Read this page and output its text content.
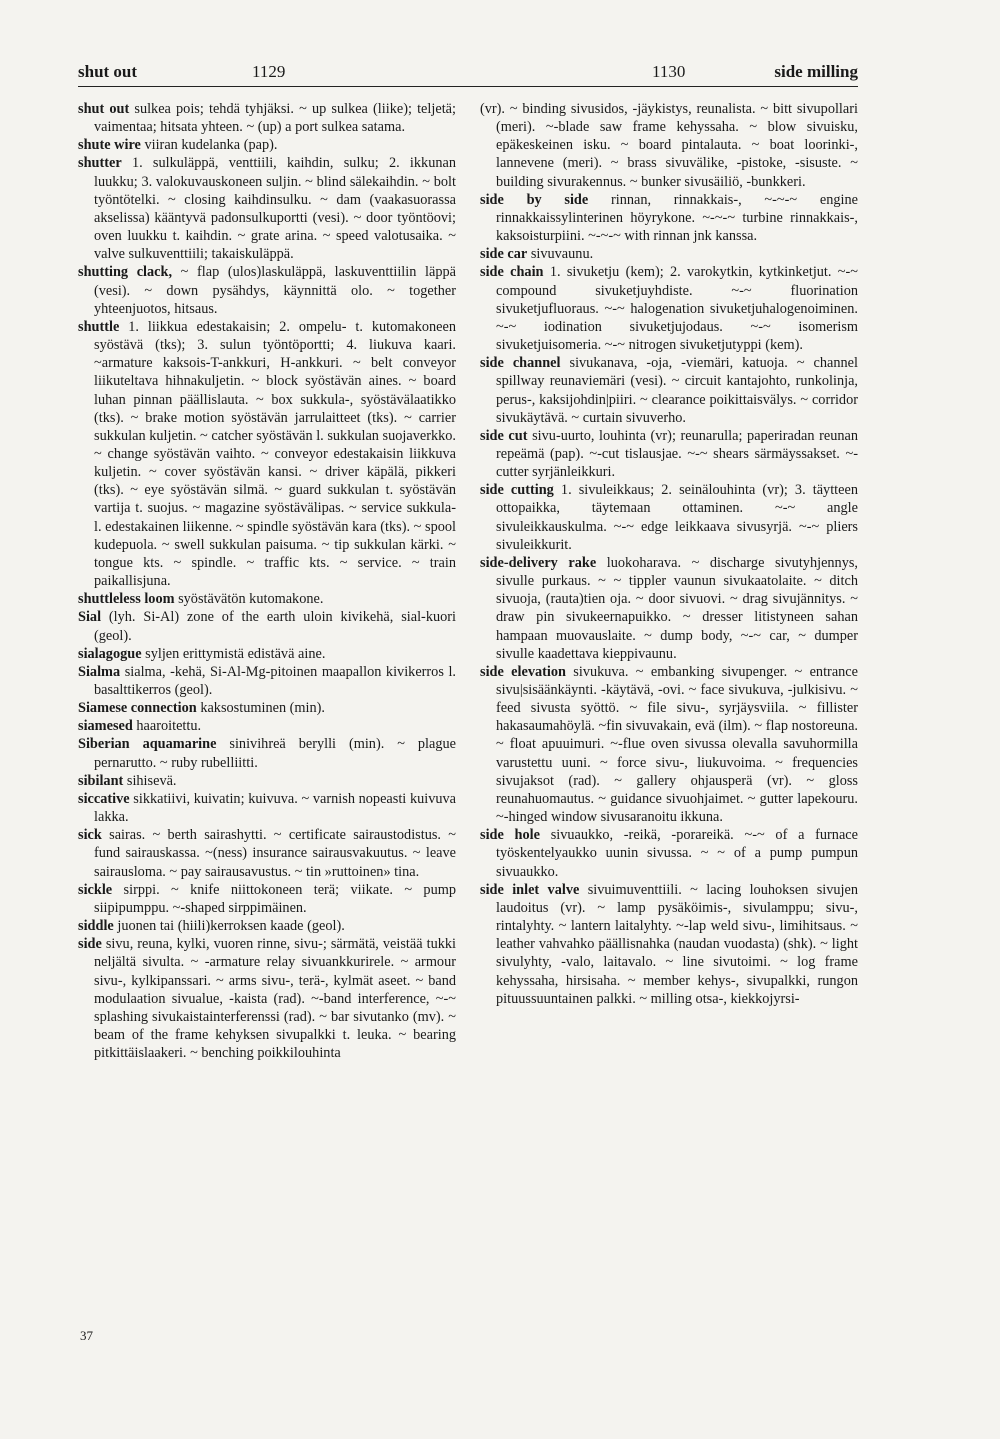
shut out	1129	1130	side milling

shut out sulkea pois; tehdä tyhjäksi. ~ up sulkea (liike); teljetä; vaimentaa; hitsata yhteen. ~ (up) a port sulkea satama.

shute wire viiran kudelanka (pap).

shutter 1. sulkuläppä, venttiili, kaihdin, sulku; 2. ikkunan luukku; 3. valokuvauskoneen suljin. ~ blind sälekaihdin. ~ bolt työntötelki. ~ closing kaihdinsulku. ~ dam (vaakasuorassa akselissa) kääntyvä padonsulkuportti (vesi). ~ door työntöovi; oven luukku t. kaihdin. ~ grate arina. ~ speed valotusaika. ~ valve sulkuventtiili; takaiskuläppä.

shutting clack, ~ flap (ulos)laskuläppä, laskuventtiilin läppä (vesi). ~ down pysähdys, käynnittä olo. ~ together yhteenjuotos, hitsaus.

shuttle 1. liikkua edestakaisin; 2. ompelu- t. kutomakoneen syöstävä (tks); 3. sulun työntöportti; 4. liukuva kaari. ~armature kaksois-T-ankkuri, H-ankkuri. ~ belt conveyor liikuteltava hihnakuljetin. ~ block syöstävän aines. ~ board luhan pinnan päällislauta. ~ box sukkula-, syöstävälaatikko (tks). ~ brake motion syöstävän jarrulaitteet (tks). ~ carrier sukkulan kuljetin. ~ catcher syöstävän l. sukkulan suojaverkko. ~ change syöstävän vaihto. ~ conveyor edestakaisin liikkuva kuljetin. ~ cover syöstävän kansi. ~ driver käpälä, pikkeri (tks). ~ eye syöstävän silmä. ~ guard sukkulan t. syöstävän vartija t. suojus. ~ magazine syöstävälipas. ~ service sukkula- l. edestakainen liikenne. ~ spindle syöstävän kara (tks). ~ spool kudepuola. ~ swell sukkulan paisuma. ~ tip sukkulan kärki. ~ tongue kts. ~ spindle. ~ traffic kts. ~ service. ~ train paikallisjuna.

shuttleless loom syöstävätön kutomakone.

Sial (lyh. Si-Al) zone of the earth uloin kivikehä, sial-kuori (geol).

sialagogue syljen erittymistä edistävä aine.

Sialma sialma, -kehä, Si-Al-Mg-pitoinen maapallon kivikerros l. basalttikerros (geol).

Siamese connection kaksostuminen (min).

siamesed haaroitettu.

Siberian aquamarine sinivihreä berylli (min). ~ plague pernarutto. ~ ruby rubelliitti.

sibilant sihisevä.

siccative sikkatiivi, kuivatin; kuivuva. ~ varnish nopeasti kuivuva lakka.

sick sairas. ~ berth sairashytti. ~ certificate sairaustodistus. ~ fund sairauskassa. ~(ness) insurance sairausvakuutus. ~ leave sairausloma. ~ pay sairausavustus. ~ tin »ruttoinen» tina.

sickle sirppi. ~ knife niittokoneen terä; viikate. ~ pump siipipumppu. ~-shaped sirppimäinen.

siddle juonen tai (hiili)kerroksen kaade (geol).

side sivu, reuna, kylki, vuoren rinne, sivu-; särmätä, veistää tukki neljältä sivulta. ~ -armature relay sivuankkurirele. ~ armour sivu-, kylkipanssari. ~ arms sivu-, terä-, kylmät aseet. ~ band modulaation sivualue, -kaista (rad). ~-band interference, ~-~ splashing sivukaistainterferenssi (rad). ~ bar sivutanko (mv). ~ beam of the frame kehyksen sivupalkki t. leuka. ~ bearing pitkittäislaakeri. ~ benching poikkilouhinta

(vr). ~ binding sivusidos, -jäykistys, reunalista. ~ bitt sivupollari (meri). ~-blade saw frame kehyssaha. ~ blow sivuisku, epäkeskeinen isku. ~ board pintalauta. ~ boat loorinki-, lannevene (meri). ~ brass sivuvälike, -pistoke, -sisuste. ~ building sivurakennus. ~ bunker sivusäiliö, -bunkkeri.

side by side rinnan, rinnakkais-, ~-~-~ engine rinnakkaissylinterinen höyrykone. ~-~-~ turbine rinnakkais-, kaksoisturpiini. ~-~-~ with rinnan jnk kanssa.

side car sivuvaunu.

side chain 1. sivuketju (kem); 2. varokytkin, kytkinketjut. ~-~ compound sivuketjuyhdiste. ~-~ fluorination sivuketjufluoraus. ~-~ halogenation sivuketjuhalogenoiminen. ~-~ iodination sivuketjujodaus. ~-~ isomerism sivuketjuisomeria. ~-~ nitrogen sivuketjutyppi (kem).

side channel sivukanava, -oja, -viemäri, katuoja. ~ channel spillway reunaviemäri (vesi). ~ circuit kantajohto, runkolinja, perus-, kaksijohdin|piiri. ~ clearance poikittaisvälys. ~ corridor sivukäytävä. ~ curtain sivuverho.

side cut sivu-uurto, louhinta (vr); reunarulla; paperiradan reunan repeämä (pap). ~-cut tislausjae. ~-~ shears särmäyssakset. ~-cutter syrjänleikkuri.

side cutting 1. sivuleikkaus; 2. seinälouhinta (vr); 3. täytteen ottopaikka, täytemaan ottaminen. ~-~ angle sivuleikkauskulma. ~-~ edge leikkaava sivusyrjä. ~-~ pliers sivuleikkurit.

side-delivery rake luokoharava. ~ discharge sivutyhjennys, sivulle purkaus. ~ ~ tippler vaunun sivukaatolaite. ~ ditch sivuoja, (rauta)tien oja. ~ door sivuovi. ~ drag sivujännitys. ~ draw pin sivukeernapuikko. ~ dresser litistyneen sahan hampaan muovauslaite. ~ dump body, ~-~ car, ~ dumper sivulle kaadettava kieppivaunu.

side elevation sivukuva. ~ embanking sivupenger. ~ entrance sivu|sisäänkäynti. -käytävä, -ovi. ~ face sivukuva, -julkisivu. ~ feed sivusta syöttö. ~ file sivu-, syrjäysviila. ~ fillister hakasaumahöylä. ~fin sivuvakain, evä (ilm). ~ flap nostoreuna. ~ float apuuimuri. ~-flue oven sivussa olevalla savuhormilla varustettu uuni. ~ force sivu-, liukuvoima. ~ frequencies sivujaksot (rad). ~ gallery ohjausperä (vr). ~ gloss reunahuomautus. ~ guidance sivuohjaimet. ~ gutter lapekouru. ~-hinged window sivusaranoitu ikkuna.

side hole sivuaukko, -reikä, -porareikä. ~-~ of a furnace työskentelyaukko uunin sivussa. ~ ~ of a pump pumpun sivuaukko.

side inlet valve sivuimuventtiili. ~ lacing louhoksen sivujen laudoitus (vr). ~ lamp pysäköimis-, sivulamppu; sivu-, rintalyhty. ~ lantern laitalyhty. ~-lap weld sivu-, limihitsaus. ~ leather vahvahko päällisnahka (naudan vuodasta) (shk). ~ light sivulyhty, -valo, laitavalo. ~ line sivutoimi. ~ log frame kehyssaha, hirsisaha. ~ member kehys-, sivupalkki, rungon pituussuuntainen palkki. ~ milling otsa-, kiekkojyrsi-

37
